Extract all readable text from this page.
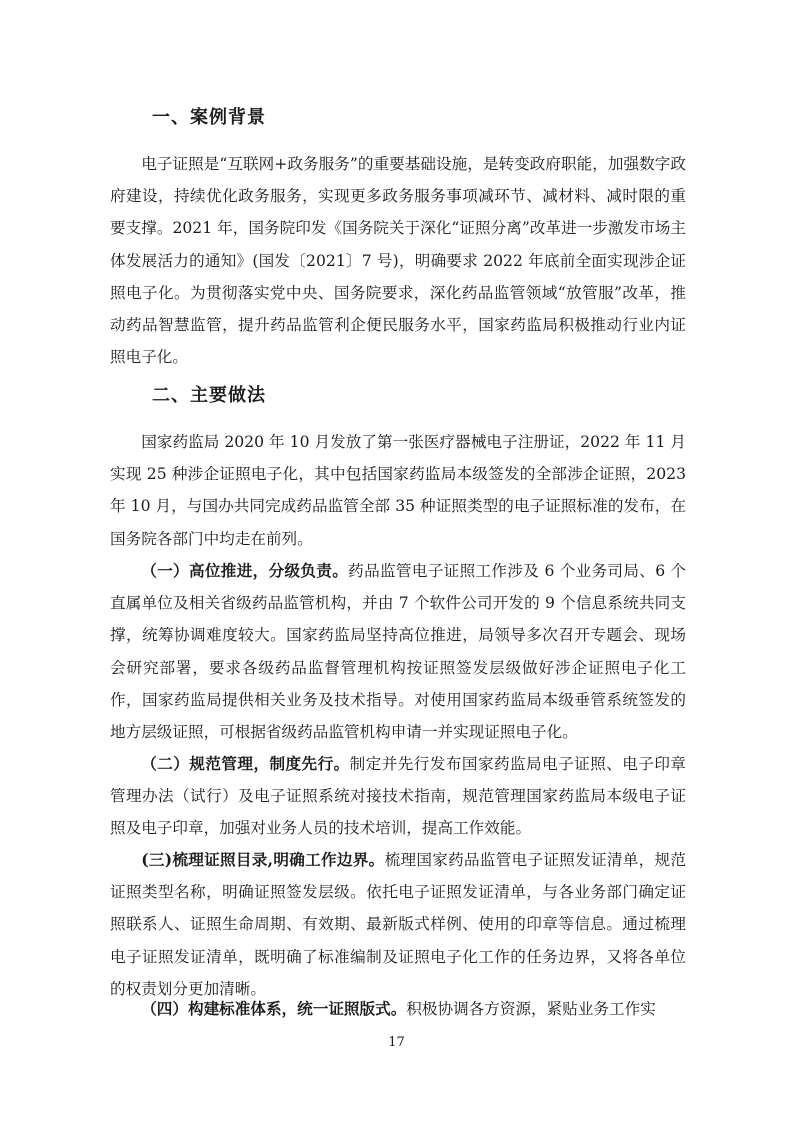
一、案例背景

电子证照是“互联网+政务服务”的重要基础设施，是转变政府职能，加强数字政府建设，持续优化政务服务，实现更多政务服务事项减环节、减材料、减时限的重要支撑。2021 年，国务院印发《国务院关于深化“证照分离”改革进一步激发市场主体发展活力的通知》(国发〔2021〕7 号)，明确要求 2022 年底前全面实现涉企证照电子化。为贯彻落实党中央、国务院要求，深化药品监管领域“放管服”改革，推动药品智慧监管，提升药品监管利企便民服务水平，国家药监局积极推动行业内证照电子化。

二、主要做法

国家药监局 2020 年 10 月发放了第一张医疗器械电子注册证，2022 年 11 月实现 25 种涉企证照电子化，其中包括国家药监局本级签发的全部涉企证照，2023 年 10 月，与国办共同完成药品监管全部 35 种证照类型的电子证照标准的发布，在国务院各部门中均走在前列。

（一）高位推进，分级负责。药品监管电子证照工作涉及 6 个业务司局、6 个直属单位及相关省级药品监管机构，并由 7 个软件公司开发的 9 个信息系统共同支撑，统筹协调难度较大。国家药监局坚持高位推进，局领导多次召开专题会、现场会研究部署，要求各级药品监督管理机构按证照签发层级做好涉企证照电子化工作，国家药监局提供相关业务及技术指导。对使用国家药监局本级垂管系统签发的地方层级证照，可根据省级药品监管机构申请一并实现证照电子化。

（二）规范管理，制度先行。制定并先行发布国家药监局电子证照、电子印章管理办法（试行）及电子证照系统对接技术指南，规范管理国家药监局本级电子证照及电子印章，加强对业务人员的技术培训，提高工作效能。

(三)梳理证照目录,明确工作边界。梳理国家药品监管电子证照发证清单，规范证照类型名称，明确证照签发层级。依托电子证照发证清单，与各业务部门确定证照联系人、证照生命周期、有效期、最新版式样例、使用的印章等信息。通过梳理电子证照发证清单，既明确了标准编制及证照电子化工作的任务边界，又将各单位的权责划分更加清晰。

（四）构建标准体系，统一证照版式。积极协调各方资源，紧贴业务工作实

17
